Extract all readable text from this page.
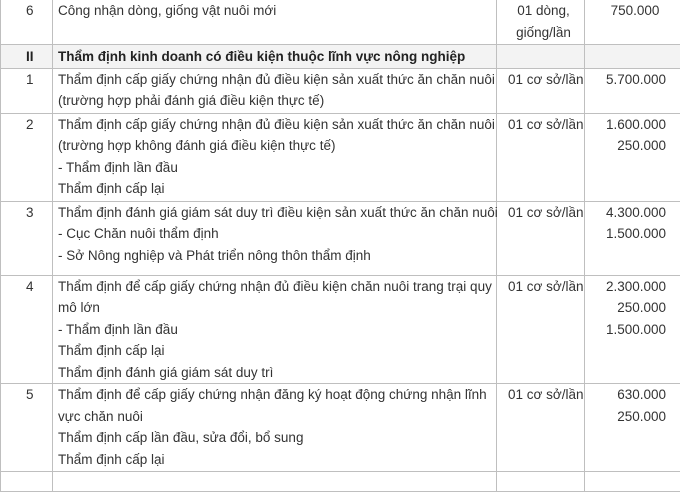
6	Công nhận dòng, giống vật nuôi mới	01 dòng,
giống/lần	750.000

II	Thẩm định kinh doanh có điều kiện thuộc lĩnh vực nông nghiệp		

1	Thẩm định cấp giấy chứng nhận đủ điều kiện sản xuất thức ăn chăn nuôi
(trường hợp phải đánh giá điều kiện thực tế)	01 cơ sở/lần	5.700.000

2	Thẩm định cấp giấy chứng nhận đủ điều kiện sản xuất thức ăn chăn nuôi
(trường hợp không đánh giá điều kiện thực tế)
- Thẩm định lần đầu
Thẩm định cấp lại	01 cơ sở/lần	1.600.000
250.000

3	Thẩm định đánh giá giám sát duy trì điều kiện sản xuất thức ăn chăn nuôi
- Cục Chăn nuôi thẩm định
- Sở Nông nghiệp và Phát triển nông thôn thẩm định	01 cơ sở/lần	4.300.000
1.500.000

4	Thẩm định để cấp giấy chứng nhận đủ điều kiện chăn nuôi trang trại quy
mô lớn
- Thẩm định lần đầu
Thẩm định cấp lại
Thẩm định đánh giá giám sát duy trì	01 cơ sở/lần	2.300.000
250.000
1.500.000

5	Thẩm định để cấp giấy chứng nhận đăng ký hoạt động chứng nhận lĩnh
vực chăn nuôi
Thẩm định cấp lần đầu, sửa đổi, bổ sung
Thẩm định cấp lại	01 cơ sở/lần	630.000
250.000
